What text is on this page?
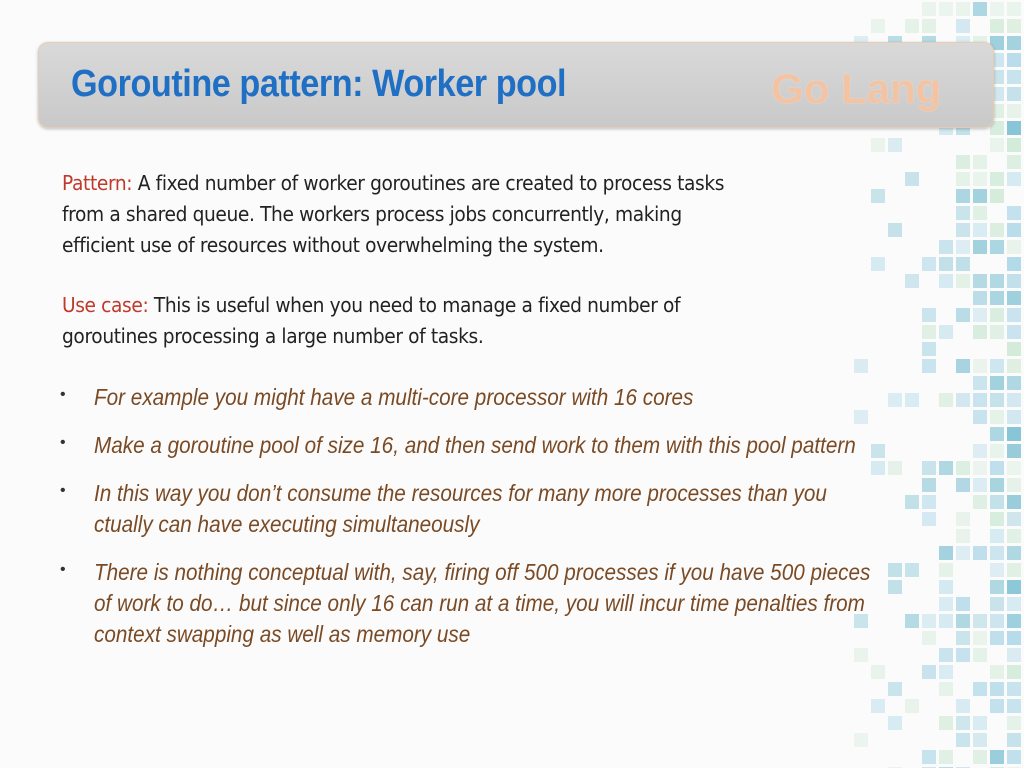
Goroutine pattern: Worker pool	Go Lang
Pattern: A fixed number of worker goroutines are created to process tasks
from a shared queue. The workers process jobs concurrently, making
efficient use of resources without overwhelming the system.
Use case: This is useful when you need to manage a fixed number of
goroutines processing a large number of tasks.
• For example you might have a multi-core processor with 16 cores
• Make a goroutine pool of size 16, and then send work to them with this pool pattern
• In this way you don’t consume the resources for many more processes than you
ctually can have executing simultaneously
• There is nothing conceptual with, say, firing off 500 processes if you have 500 pieces
of work to do… but since only 16 can run at a time, you will incur time penalties from
context swapping as well as memory use
